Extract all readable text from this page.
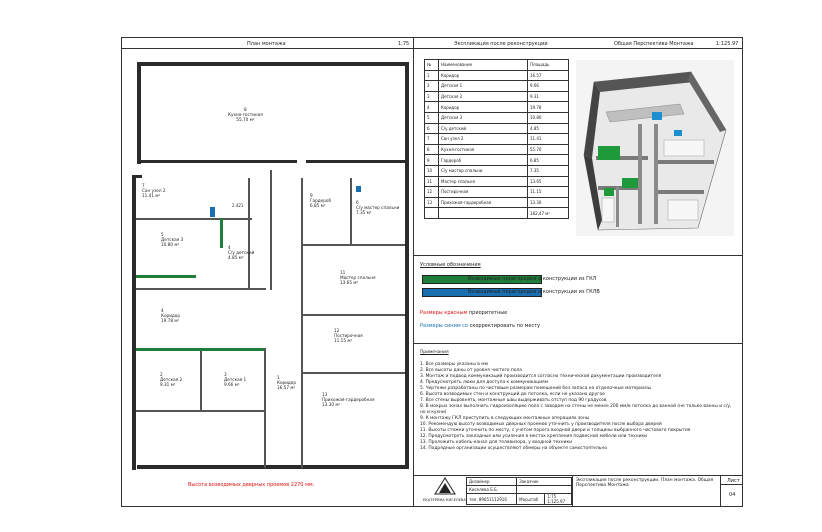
План монтажа	1:75	Экспликация после реконструкции	Общая Перспектива Монтажа	1:125.97
8
Кухня-гостиная
55,70 м²
7
Сан узел 2
11.41 м²	9
Гардероб
6.85 м²
6
С/у мастер спальни
7.35 м²
5
Детская 3
10.80 м²
4
С/у детский
4.85 м²
11
Мастер спальня
13.65 м²
4
Коридор
19.78 м²
12
Постирочная
11.15 м²
2
Детская 2
9.31 м²
3
Детская 1
9.66 м²
1
Коридор
16.57 м²
13
Прихожая-гардеробная
13.30 м²
2.421
Высота возводимых дверных проемов 2270 мм.
№	Наименование	Площадь
1	Коридор	16.57
2	Детская 1	9.66
3	Детская 2	9.31
4	Коридор	19.78
5	Детская 3	10.80
6	С/у детский	4.85
7	Сан узел 2	11.41
8	Кухня-гостиная	55.70
9	Гардероб	6.85
10	С/у мастер спальни	7.35
11	Мастер спальня	13.65
12	Постирочная	11.15
13	Прихожая-гардеробная	13.30
		182,47 м²
Условные обозначения
Возводимые перегородки и конструкции из ГКЛ
Возводимые перегородки и конструкции из ГКЛВ
Размеры красным приоритетные
Размеры синим со скорректировать по месту
Примечания
1. Все размеры указаны в мм
2. Все высоты даны от уровня чистого пола
3. Монтаж и подвод коммуникаций производится согласно технической документации производителя
4. Предусмотреть люки для доступа к коммуникациям
5. Чертежи разработаны по чистовым размерам помещений без запаса на отделочные материалы
6. Высота возводимых стен и конструкций до потолка, если не указано другое
7. Все стены выровнять, монтажные швы выдерживать отступ под 90 градусов
8. В мокрых зонах выполнить гидроизоляцию пола с заводом на стены не менее 200 мм/в потолка до ванной (не только ванны и с/у, но и кухни)
9. К монтажу ГКЛ приступить в следующих монтажных операциях зоны
10. Рекомендую высоту возводимых дверных проемов уточнить у производителя после выбора дверей
11. Высоты стяжки уточнить по месту, с учетом порога входной двери и толщины выбранного чистового покрытия
12. Предусмотреть закладные или усиления в местах крепления подвесной мебели или техники
13. Проложить кабель-канал для телевизора, у входной техники
14. Подрядные организации осуществляют обмеры на объекте самостоятельно
ЕКАТЕРИНА КИСЕЛЕВА
Дизайнер	Заказчик	
Киселева Е.Б.		
тел. 89651112916	Масштаб	1:75
1:125.97
Экспликация после реконструкции. План монтажа. Общая Перспектива Монтажа
Лист
04
